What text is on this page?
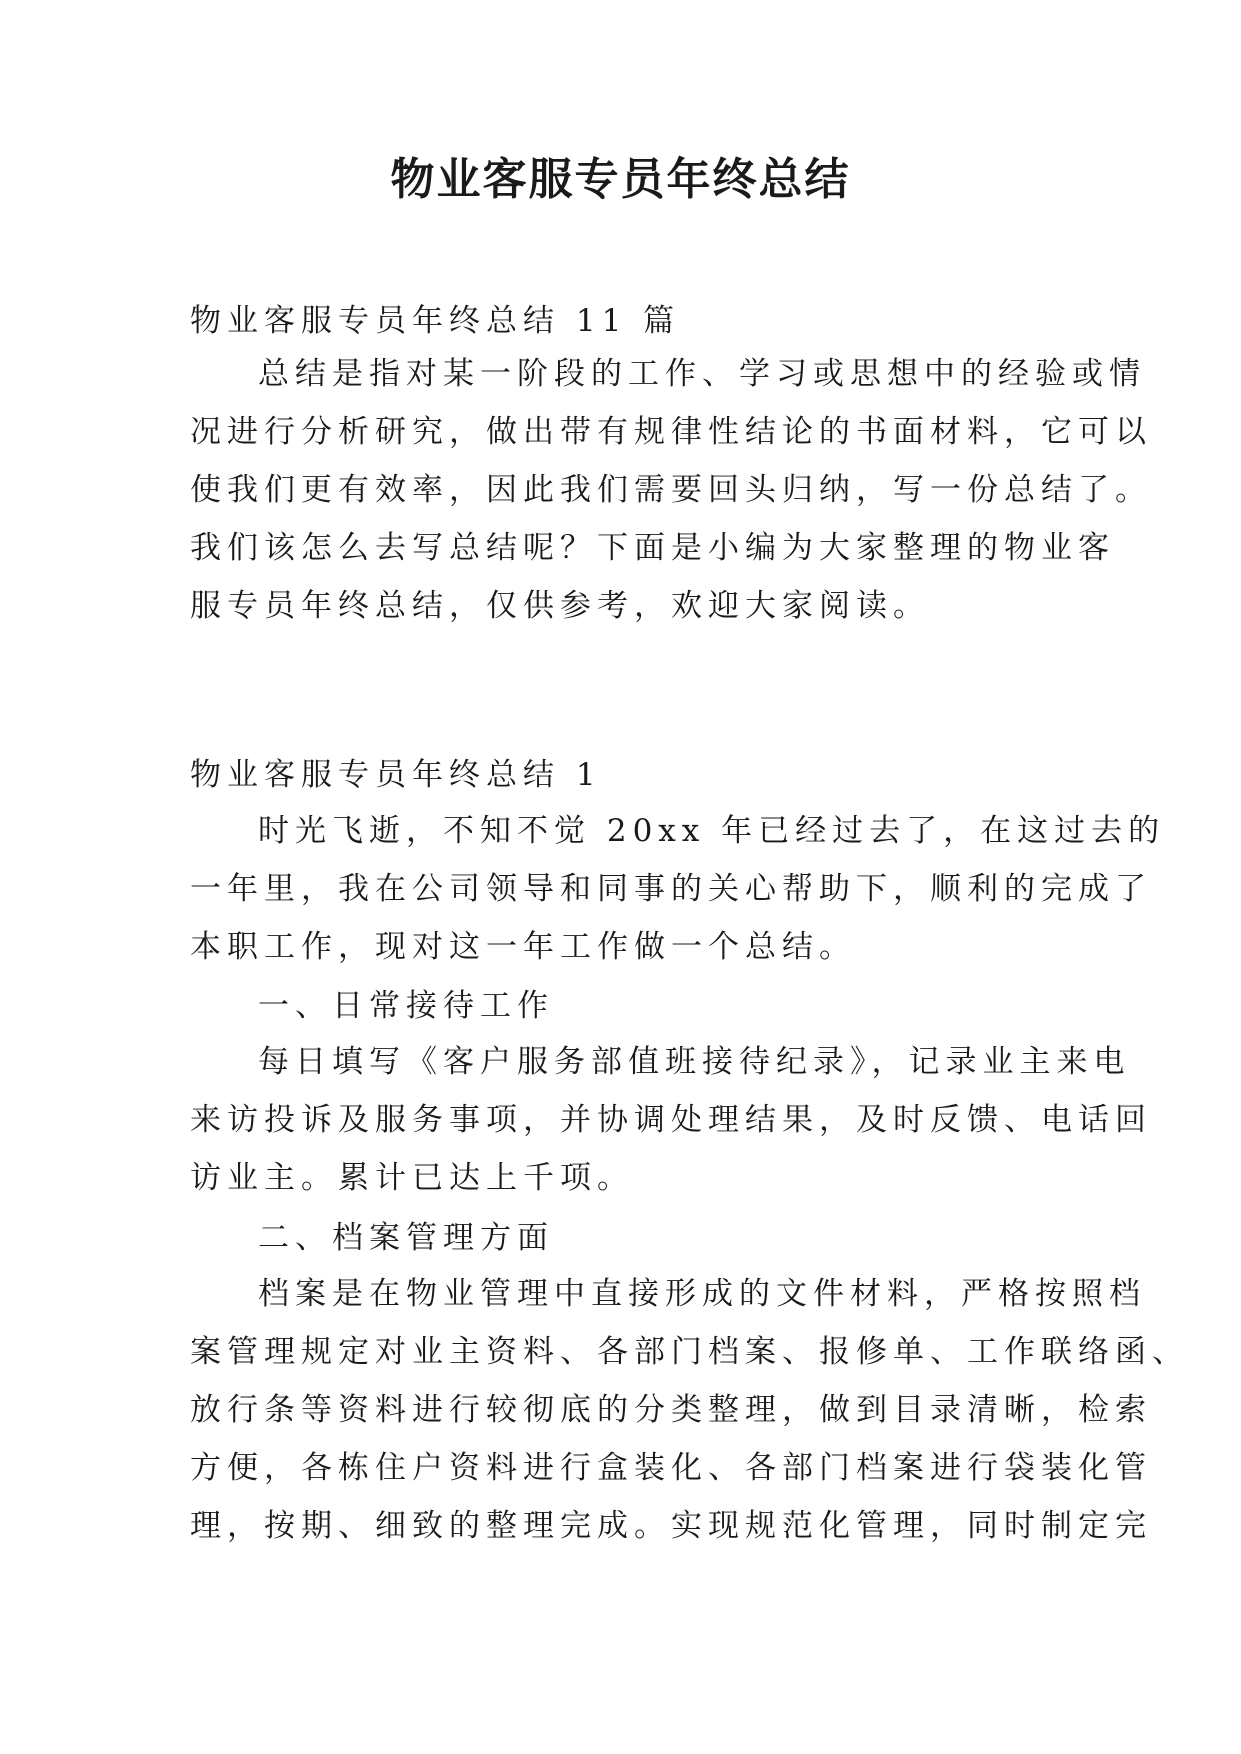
物业客服专员年终总结

物业客服专员年终总结 11 篇

总结是指对某一阶段的工作、学习或思想中的经验或情
况进行分析研究，做出带有规律性结论的书面材料，它可以
使我们更有效率，因此我们需要回头归纳，写一份总结了。
我们该怎么去写总结呢？下面是小编为大家整理的物业客
服专员年终总结，仅供参考，欢迎大家阅读。

物业客服专员年终总结 1

时光飞逝，不知不觉 20xx 年已经过去了，在这过去的
一年里，我在公司领导和同事的关心帮助下，顺利的完成了
本职工作，现对这一年工作做一个总结。

一、日常接待工作

每日填写《客户服务部值班接待纪录》，记录业主来电
来访投诉及服务事项，并协调处理结果，及时反馈、电话回
访业主。累计已达上千项。

二、档案管理方面

档案是在物业管理中直接形成的文件材料，严格按照档
案管理规定对业主资料、各部门档案、报修单、工作联络函、
放行条等资料进行较彻底的分类整理，做到目录清晰，检索
方便，各栋住户资料进行盒装化、各部门档案进行袋装化管
理，按期、细致的整理完成。实现规范化管理，同时制定完
